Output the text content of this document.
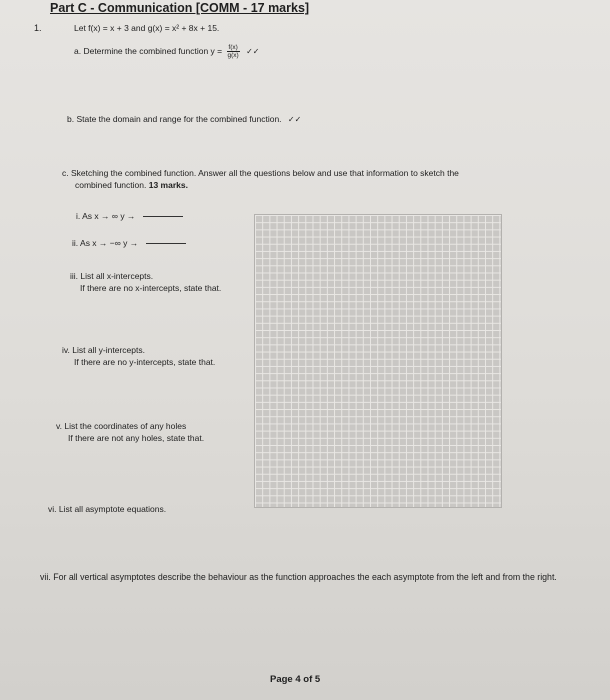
Part C - Communication [COMM - 17 marks]
1.	Let f(x) = x + 3 and g(x) = x² + 8x + 15.
a. Determine the combined function $y = \frac{f(x)}{g(x)}$ ✓✓
b. State the domain and range for the combined function. ✓✓
c. Sketching the combined function. Answer all the questions below and use that information to sketch the
combined function. 13 marks.
i. As x → ∞ y →
ii. As x → −∞ y →
iii. List all x-intercepts.
If there are no x-intercepts, state that.
iv. List all y-intercepts.
If there are no y-intercepts, state that.
v. List the coordinates of any holes
If there are not any holes, state that.
vi. List all asymptote equations.
vii. For all vertical asymptotes describe the behaviour as the function approaches the each asymptote from the left and from the right.
Page 4 of 5
